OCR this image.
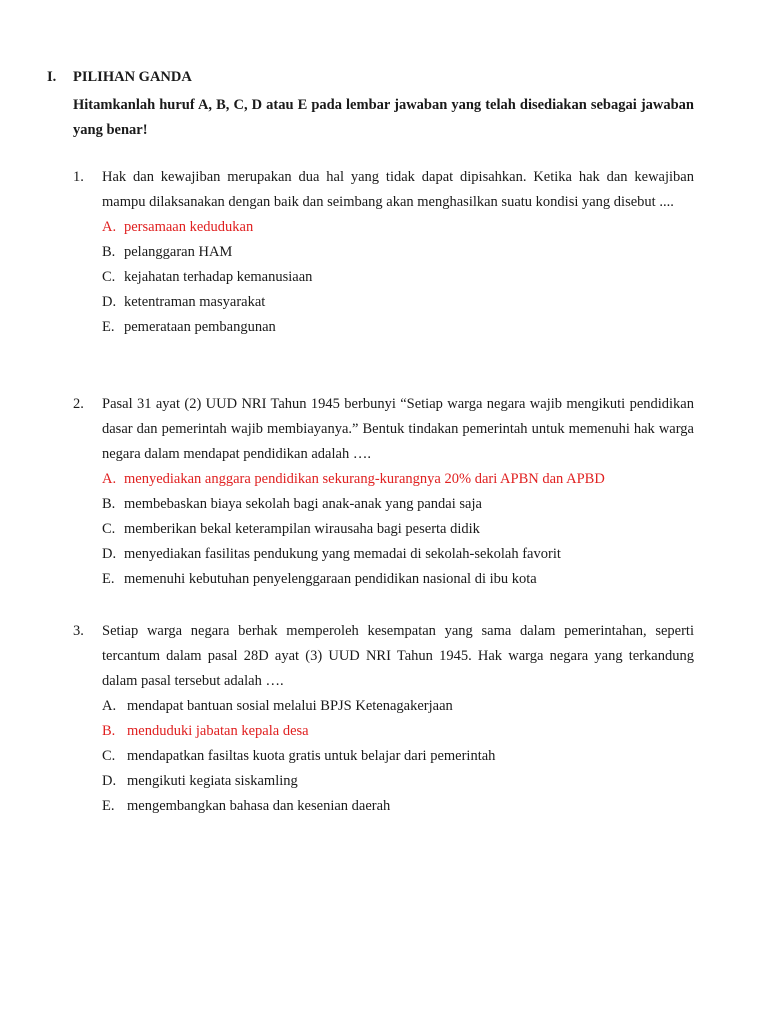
I. PILIHAN GANDA
Hitamkanlah huruf A, B, C, D atau E pada lembar jawaban yang telah disediakan sebagai jawaban yang benar!
1.	Hak dan kewajiban merupakan dua hal yang tidak dapat dipisahkan. Ketika hak dan kewajiban mampu dilaksanakan dengan baik dan seimbang akan menghasilkan suatu kondisi yang disebut ....
A. persamaan kedudukan
B. pelanggaran HAM
C. kejahatan terhadap kemanusiaan
D. ketentraman masyarakat
E. pemerataan pembangunan
2.	Pasal 31 ayat (2) UUD NRI Tahun 1945 berbunyi “Setiap warga negara wajib mengikuti pendidikan dasar dan pemerintah wajib membiayanya.” Bentuk tindakan pemerintah untuk memenuhi hak warga negara dalam mendapat pendidikan adalah ….
A. menyediakan anggara pendidikan sekurang-kurangnya 20% dari APBN dan APBD
B. membebaskan biaya sekolah bagi anak-anak yang pandai saja
C. memberikan bekal keterampilan wirausaha bagi peserta didik
D. menyediakan fasilitas pendukung yang memadai di sekolah-sekolah favorit
E. memenuhi kebutuhan penyelenggaraan pendidikan nasional di ibu kota
3.	Setiap warga negara berhak memperoleh kesempatan yang sama dalam pemerintahan, seperti tercantum dalam pasal 28D ayat (3) UUD NRI Tahun 1945. Hak warga negara yang terkandung dalam pasal tersebut adalah ….
A. mendapat bantuan sosial melalui BPJS Ketenagakerjaan
B. menduduki jabatan kepala desa
C. mendapatkan fasiltas kuota gratis untuk belajar dari pemerintah
D. mengikuti kegiata siskamling
E. mengembangkan bahasa dan kesenian daerah
